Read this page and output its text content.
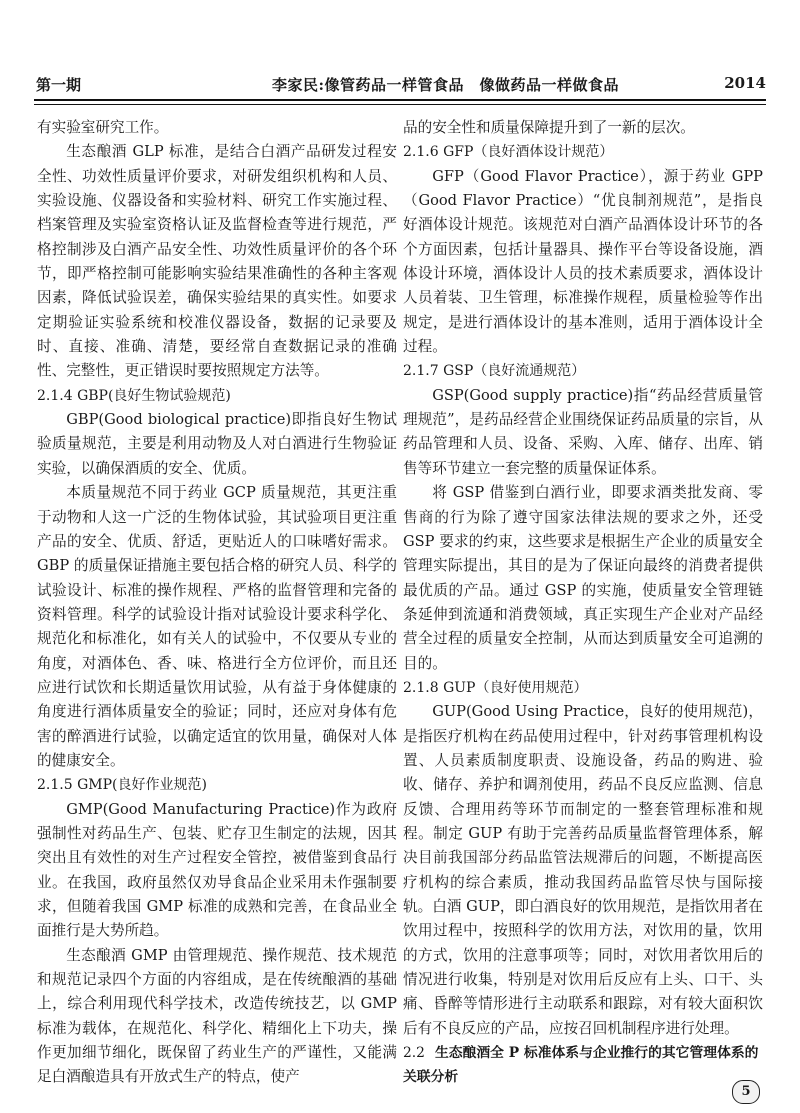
第一期	李家民:像管药品一样管食品　像做药品一样做食品	2014

有实验室研究工作。

生态酿酒 GLP 标准，是结合白酒产品研发过程安全性、功效性质量评价要求，对研发组织机构和人员、实验设施、仪器设备和实验材料、研究工作实施过程、档案管理及实验室资格认证及监督检查等进行规范，严格控制涉及白酒产品安全性、功效性质量评价的各个环节，即严格控制可能影响实验结果准确性的各种主客观因素，降低试验误差，确保实验结果的真实性。如要求定期验证实验系统和校准仪器设备，数据的记录要及时、直接、准确、清楚，要经常自查数据记录的准确性、完整性，更正错误时要按照规定方法等。

2.1.4 GBP(良好生物试验规范)

GBP(Good biological practice)即指良好生物试验质量规范，主要是利用动物及人对白酒进行生物验证实验，以确保酒质的安全、优质。

本质量规范不同于药业 GCP 质量规范，其更注重于动物和人这一广泛的生物体试验，其试验项目更注重产品的安全、优质、舒适，更贴近人的口味嗜好需求。GBP 的质量保证措施主要包括合格的研究人员、科学的试验设计、标准的操作规程、严格的监督管理和完备的资料管理。科学的试验设计指对试验设计要求科学化、规范化和标准化，如有关人的试验中，不仅要从专业的角度，对酒体色、香、味、格进行全方位评价，而且还应进行试饮和长期适量饮用试验，从有益于身体健康的角度进行酒体质量安全的验证；同时，还应对身体有危害的醉酒进行试验，以确定适宜的饮用量，确保对人体的健康安全。

2.1.5 GMP(良好作业规范)

GMP(Good Manufacturing Practice)作为政府强制性对药品生产、包装、贮存卫生制定的法规，因其突出且有效性的对生产过程安全管控，被借鉴到食品行业。在我国，政府虽然仅劝导食品企业采用未作强制要求，但随着我国 GMP 标准的成熟和完善，在食品业全面推行是大势所趋。

生态酿酒 GMP 由管理规范、操作规范、技术规范和规范记录四个方面的内容组成，是在传统酿酒的基础上，综合利用现代科学技术，改造传统技艺，以 GMP 标准为载体，在规范化、科学化、精细化上下功夫，操作更加细节细化，既保留了药业生产的严谨性，又能满足白酒酿造具有开放式生产的特点，使产

品的安全性和质量保障提升到了一新的层次。

2.1.6 GFP（良好酒体设计规范）

GFP（Good Flavor Practice），源于药业 GPP（Good Flavor Practice）“优良制剂规范”，是指良好酒体设计规范。该规范对白酒产品酒体设计环节的各个方面因素，包括计量器具、操作平台等设备设施，酒体设计环境，酒体设计人员的技术素质要求，酒体设计人员着装、卫生管理，标准操作规程，质量检验等作出规定，是进行酒体设计的基本准则，适用于酒体设计全过程。

2.1.7 GSP（良好流通规范）

GSP(Good supply practice)指“药品经营质量管理规范”，是药品经营企业围绕保证药品质量的宗旨，从药品管理和人员、设备、采购、入库、储存、出库、销售等环节建立一套完整的质量保证体系。

将 GSP 借鉴到白酒行业，即要求酒类批发商、零售商的行为除了遵守国家法律法规的要求之外，还受 GSP 要求的约束，这些要求是根据生产企业的质量安全管理实际提出，其目的是为了保证向最终的消费者提供最优质的产品。通过 GSP 的实施，使质量安全管理链条延伸到流通和消费领域，真正实现生产企业对产品经营全过程的质量安全控制，从而达到质量安全可追溯的目的。

2.1.8 GUP（良好使用规范）

GUP(Good Using Practice，良好的使用规范)，是指医疗机构在药品使用过程中，针对药事管理机构设置、人员素质制度职责、设施设备，药品的购进、验收、储存、养护和调剂使用，药品不良反应监测、信息反馈、合理用药等环节而制定的一整套管理标准和规程。制定 GUP 有助于完善药品质量监督管理体系，解决目前我国部分药品监管法规滞后的问题，不断提高医疗机构的综合素质，推动我国药品监管尽快与国际接轨。白酒 GUP，即白酒良好的饮用规范，是指饮用者在饮用过程中，按照科学的饮用方法，对饮用的量，饮用的方式，饮用的注意事项等；同时，对饮用者饮用后的情况进行收集，特别是对饮用后反应有上头、口干、头痛、昏醉等情形进行主动联系和跟踪，对有较大面积饮后有不良反应的产品，应按召回机制程序进行处理。

2.2 生态酿酒全 P 标准体系与企业推行的其它管理体系的关联分析
5
